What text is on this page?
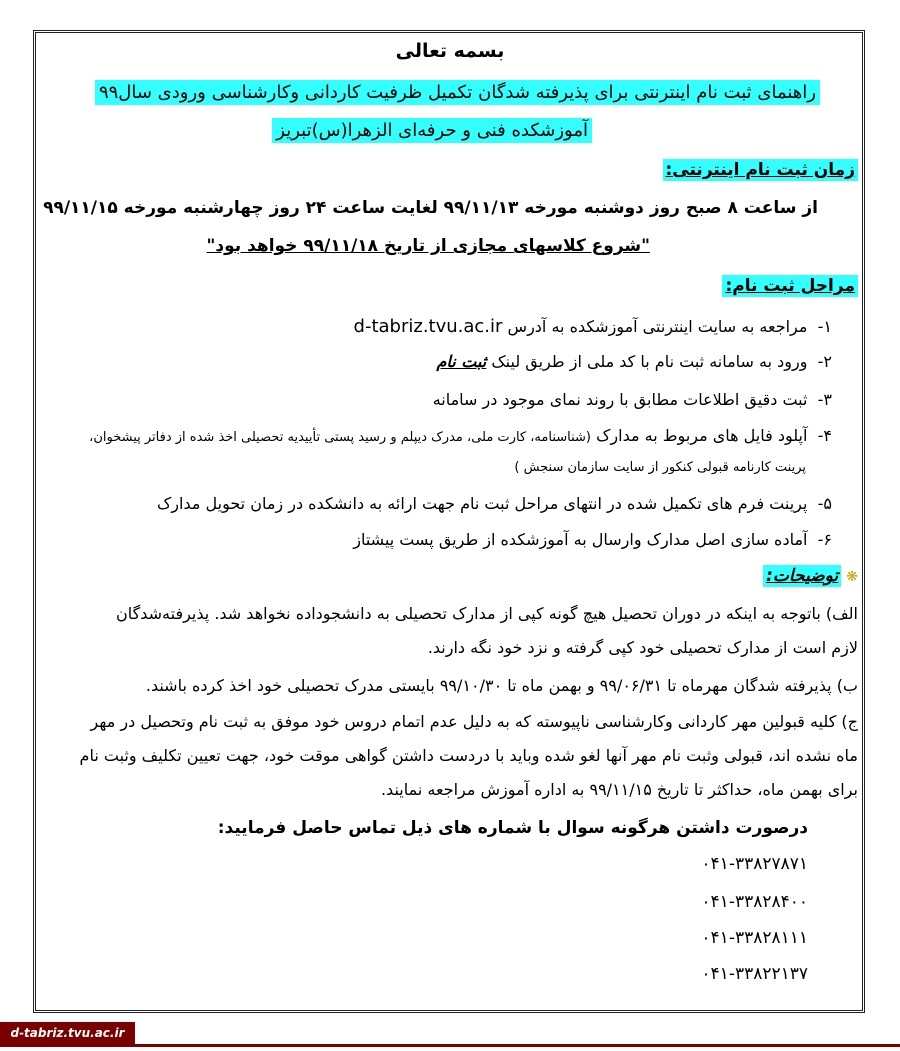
بسمه تعالی
راهنمای ثبت نام اینترنتی برای پذیرفته شدگان تکمیل ظرفیت کاردانی وکارشناسی ورودی سال۹۹
آموزشکده فنی و حرفه‌ای الزهرا(س)تبریز
زمان ثبت نام اینترنتی:
از ساعت ۸ صبح روز دوشنبه مورخه ۹۹/۱۱/۱۳ لغایت ساعت ۲۴ روز چهارشنبه مورخه ۹۹/۱۱/۱۵
"شروع کلاسهای مجازی از تاریخ ۹۹/۱۱/۱۸ خواهد بود"
مراحل ثبت نام:
۱-  مراجعه به سایت اینترنتی آموزشکده به آدرس d-tabriz.tvu.ac.ir
۲-  ورود به سامانه ثبت نام با کد ملی از طریق لینک ثبت نام
۳-  ثبت دقیق اطلاعات مطابق با روند نمای موجود در سامانه
۴-  آپلود فایل های مربوط به مدارک (شناسنامه، کارت ملی، مدرک دیپلم و رسید پستی تأییدیه تحصیلی اخذ شده از دفاتر پیشخوان،
پرینت کارنامه قبولی کنکور از سایت سازمان سنجش )
۵-  پرینت فرم های تکمیل شده در انتهای مراحل ثبت نام جهت ارائه به دانشکده در زمان تحویل مدارک
۶-  آماده سازی اصل مدارک وارسال به آموزشکده از طریق پست پیشتاز
❋ توضیحات:
الف) باتوجه به اینکه در دوران تحصیل هیچ گونه کپی از مدارک تحصیلی به دانشجوداده نخواهد شد. پذیرفته‌شدگان
لازم است از مدارک تحصیلی خود کپی گرفته و نزد خود نگه دارند.
ب) پذیرفته شدگان مهرماه تا ۹۹/۰۶/۳۱ و بهمن ماه تا ۹۹/۱۰/۳۰ بایستی مدرک تحصیلی خود اخذ کرده باشند.
ج) کلیه قبولین مهر کاردانی وکارشناسی ناپیوسته که به دلیل عدم اتمام دروس خود موفق به ثبت نام وتحصیل در مهر
ماه نشده اند، قبولی وثبت نام مهر آنها لغو شده وباید با دردست داشتن گواهی موقت خود، جهت تعیین تکلیف وثبت نام
برای بهمن ماه، حداکثر تا تاریخ ۹۹/۱۱/۱۵ به اداره آموزش مراجعه نمایند.
درصورت داشتن هرگونه سوال با شماره های ذیل تماس حاصل فرمایید:
۰۴۱-۳۳۸۲۷۸۷۱
۰۴۱-۳۳۸۲۸۴۰۰
۰۴۱-۳۳۸۲۸۱۱۱
۰۴۱-۳۳۸۲۲۱۳۷
d-tabriz.tvu.ac.ir
